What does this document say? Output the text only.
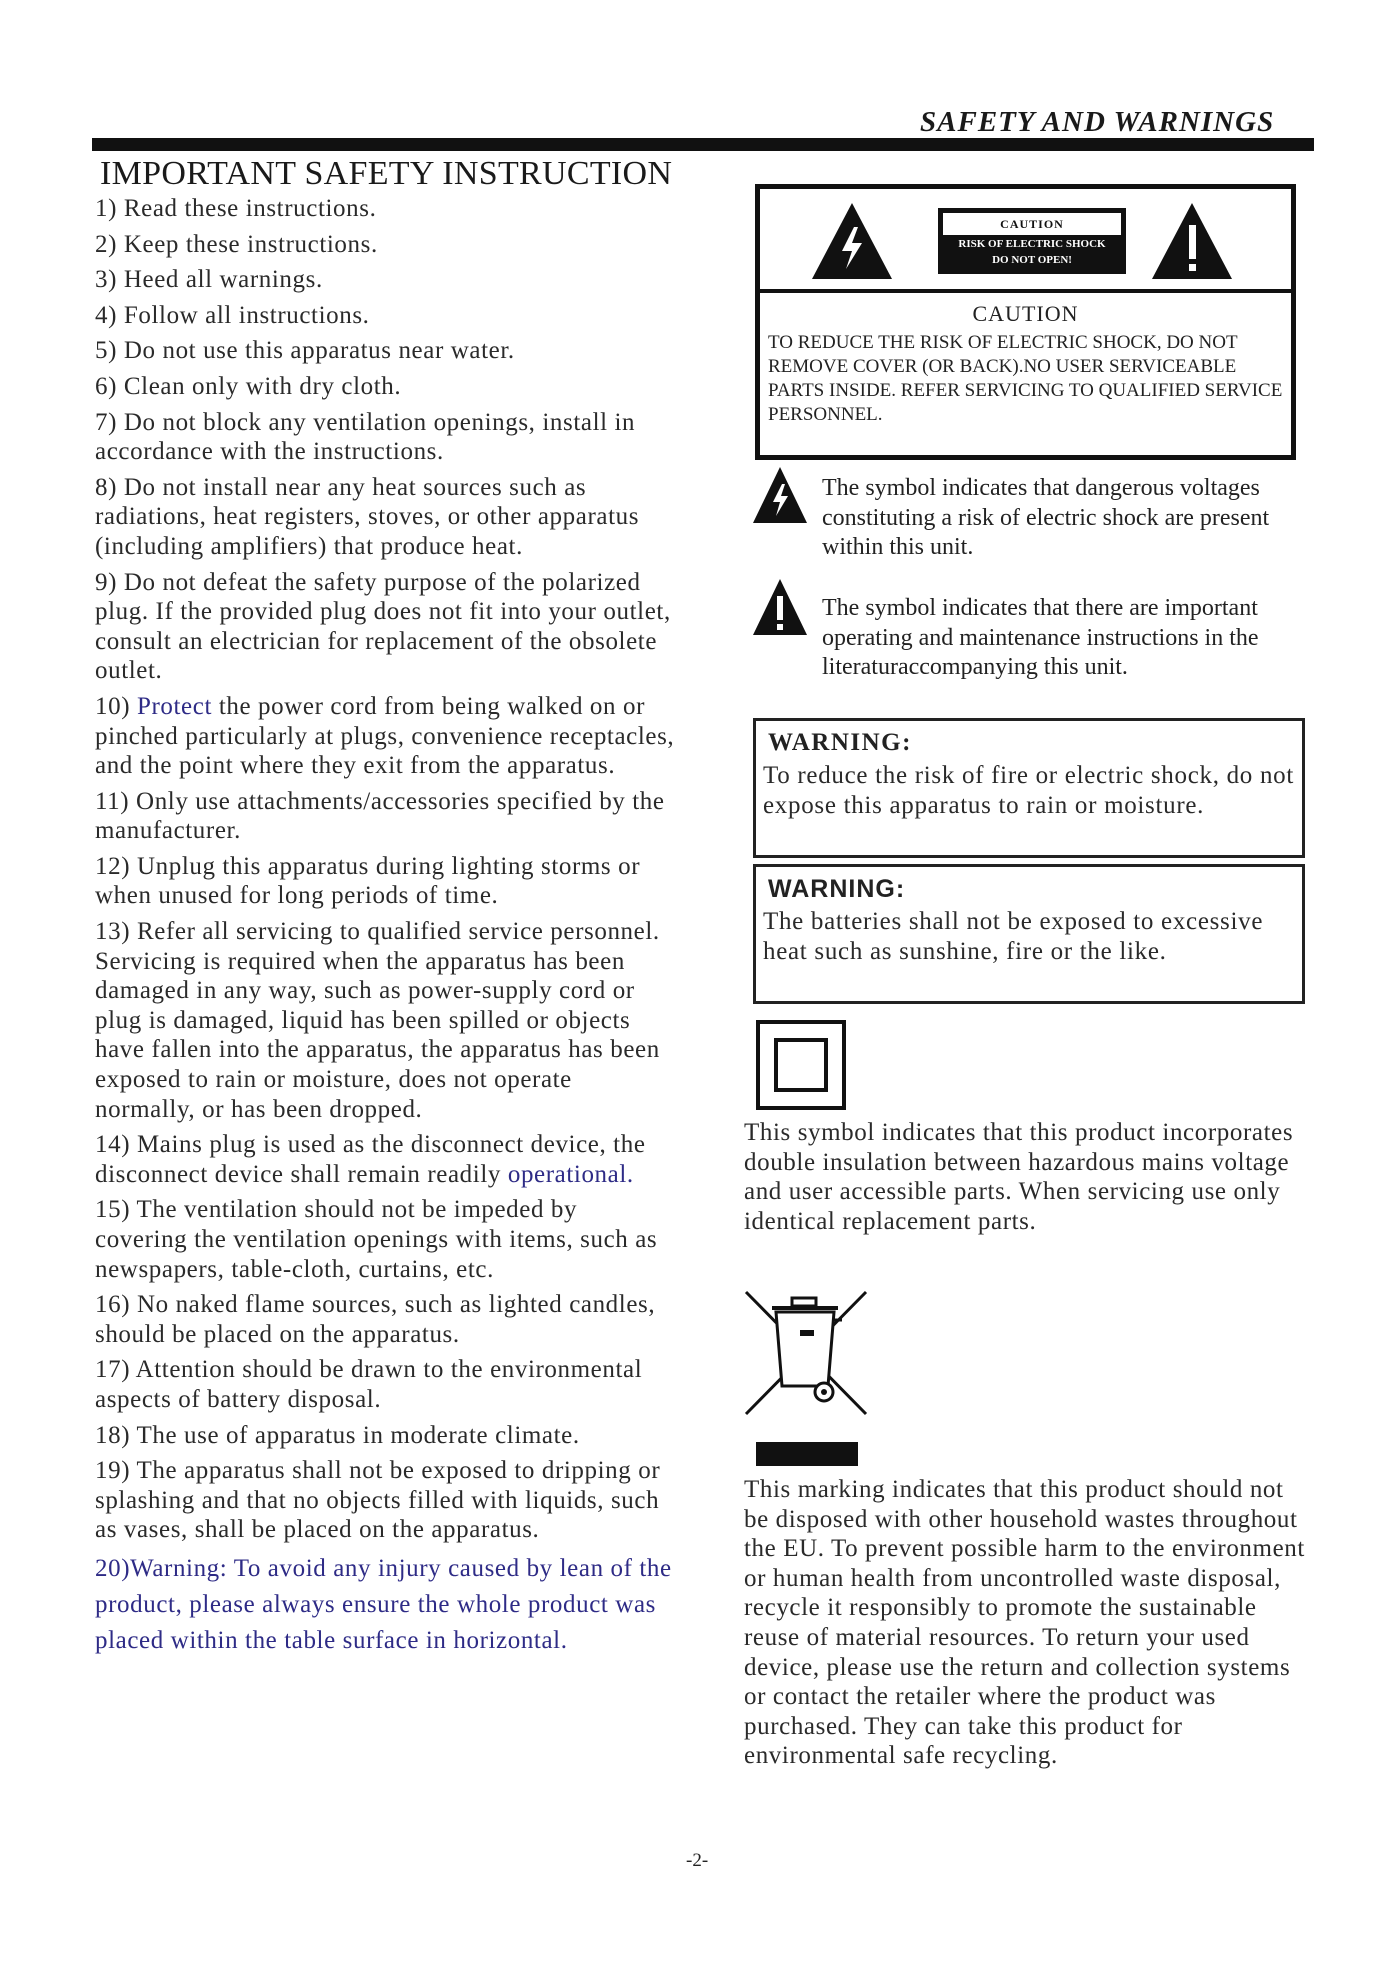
SAFETY AND WARNINGS
IMPORTANT SAFETY INSTRUCTION

1) Read these instructions.

2) Keep these instructions.

3) Heed all warnings.

4) Follow all instructions.

5) Do not use this apparatus near water.

6) Clean only with dry cloth.

7) Do not block any ventilation openings, install in accordance with the instructions.

8) Do not install near any heat sources such as radiations, heat registers, stoves, or other apparatus (including amplifiers) that produce heat.

9) Do not defeat the safety purpose of the polarized plug. If the provided plug does not fit into your outlet, consult an electrician for replacement of the obsolete outlet.

10) Protect the power cord from being walked on or pinched particularly at plugs, convenience receptacles, and the point where they exit from the apparatus.

11) Only use attachments/accessories specified by the manufacturer.

12) Unplug this apparatus during lighting storms or when unused for long periods of time.

13) Refer all servicing to qualified service personnel. Servicing is required when the apparatus has been damaged in any way, such as power-supply cord or plug is damaged, liquid has been spilled or objects have fallen into the apparatus, the apparatus has been exposed to rain or moisture, does not operate normally, or has been dropped.

14) Mains plug is used as the disconnect device, the disconnect device shall remain readily operational.

15) The ventilation should not be impeded by covering the ventilation openings with items, such as newspapers, table-cloth, curtains, etc.

16) No naked flame sources, such as lighted candles, should be placed on the apparatus.

17) Attention should be drawn to the environmental aspects of battery disposal.

18) The use of apparatus in moderate climate.

19) The apparatus shall not be exposed to dripping or splashing and that no objects filled with liquids, such as vases, shall be placed on the apparatus.

20)Warning: To avoid any injury caused by lean of the product, please always ensure the whole product was placed within the table surface in horizontal.

CAUTION
RISK OF ELECTRIC SHOCK
DO NOT OPEN!
CAUTION
TO REDUCE THE RISK OF ELECTRIC SHOCK, DO NOT REMOVE COVER (OR BACK).NO USER SERVICEABLE PARTS INSIDE. REFER SERVICING TO QUALIFIED SERVICE PERSONNEL.
The symbol indicates that dangerous voltages constituting a risk of electric shock are present within this unit.
The symbol indicates that there are important operating and maintenance instructions in the literaturaccompanying this unit.
WARNING:
To reduce the risk of fire or electric shock, do not expose this apparatus to rain or moisture.
WARNING:
The batteries shall not be exposed to excessive heat such as sunshine, fire or the like.
This symbol indicates that this product incorporates double insulation between hazardous mains voltage and user accessible parts. When servicing use only identical replacement parts.
This marking indicates that this product should not be disposed with other household wastes throughout the EU. To prevent possible harm to the environment or human health from uncontrolled waste disposal, recycle it responsibly to promote the sustainable reuse of material resources. To return your used device, please use the return and collection systems or contact the retailer where the product was purchased. They can take this product for environmental safe recycling.
-2-
